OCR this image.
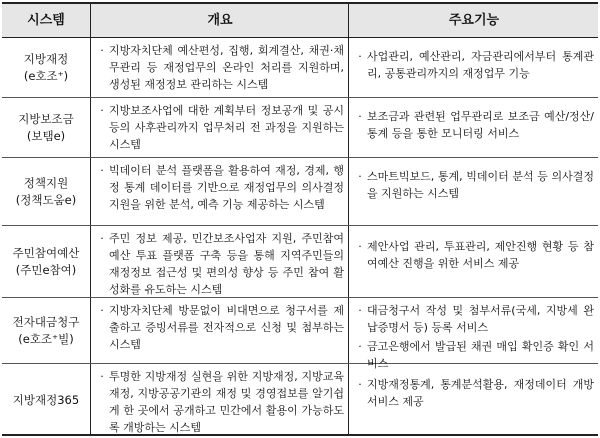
시스템	개요	주요기능
지방재정
(e호조⁺)
· 지방자치단체 예산편성, 집행, 회계결산, 채권·채무관리 등 재정업무의 온라인 처리를 지원하며, 생성된 재정정보 관리하는 시스템
· 사업관리, 예산관리, 자금관리에서부터 통계관리, 공통관리까지의 재정업무 기능
지방보조금
(보탬e)
· 지방보조사업에 대한 계획부터 정보공개 및 공시 등의 사후관리까지 업무처리 전 과정을 지원하는 시스템
· 보조금과 관련된 업무관리로 보조금 예산/정산/ 통계 등을 통한 모니터링 서비스
정책지원
(정책도움e)
· 빅데이터 분석 플랫폼을 활용하여 재정, 경제, 행정 통계 데이터를 기반으로 재정업무의 의사결정 지원을 위한 분석, 예측 기능 제공하는 시스템
· 스마트빅보드, 통계, 빅데이터 분석 등 의사결정을 지원하는 시스템
주민참여예산
(주민e참여)
· 주민 정보 제공, 민간보조사업자 지원, 주민참여예산 투표 플랫폼 구축 등을 통해 지역주민들의 재정정보 접근성 및 편의성 향상 등 주민 참여 활성화를 유도하는 시스템
· 제안사업 관리, 투표관리, 제안진행 현황 등 참여예산 진행을 위한 서비스 제공
전자대금청구
(e호조⁺빌)
· 지방자치단체 방문없이 비대면으로 청구서를 제출하고 증빙서류를 전자적으로 신청 및 첨부하는 시스템
· 대금청구서 작성 및 첨부서류(국세, 지방세 완납증명서 등) 등록 서비스
· 금고은행에서 발급된 채권 매입 확인증 확인 서비스
지방재정365
· 투명한 지방재정 실현을 위한 지방재정, 지방교육재정, 지방공공기관의 재정 및 경영접보를 알기쉽게 한 곳에서 공개하고 민간에서 활용이 가능하도록 개방하는 시스템
· 지방재정통계, 통계분석활용, 재정데이터 개방 서비스 제공
